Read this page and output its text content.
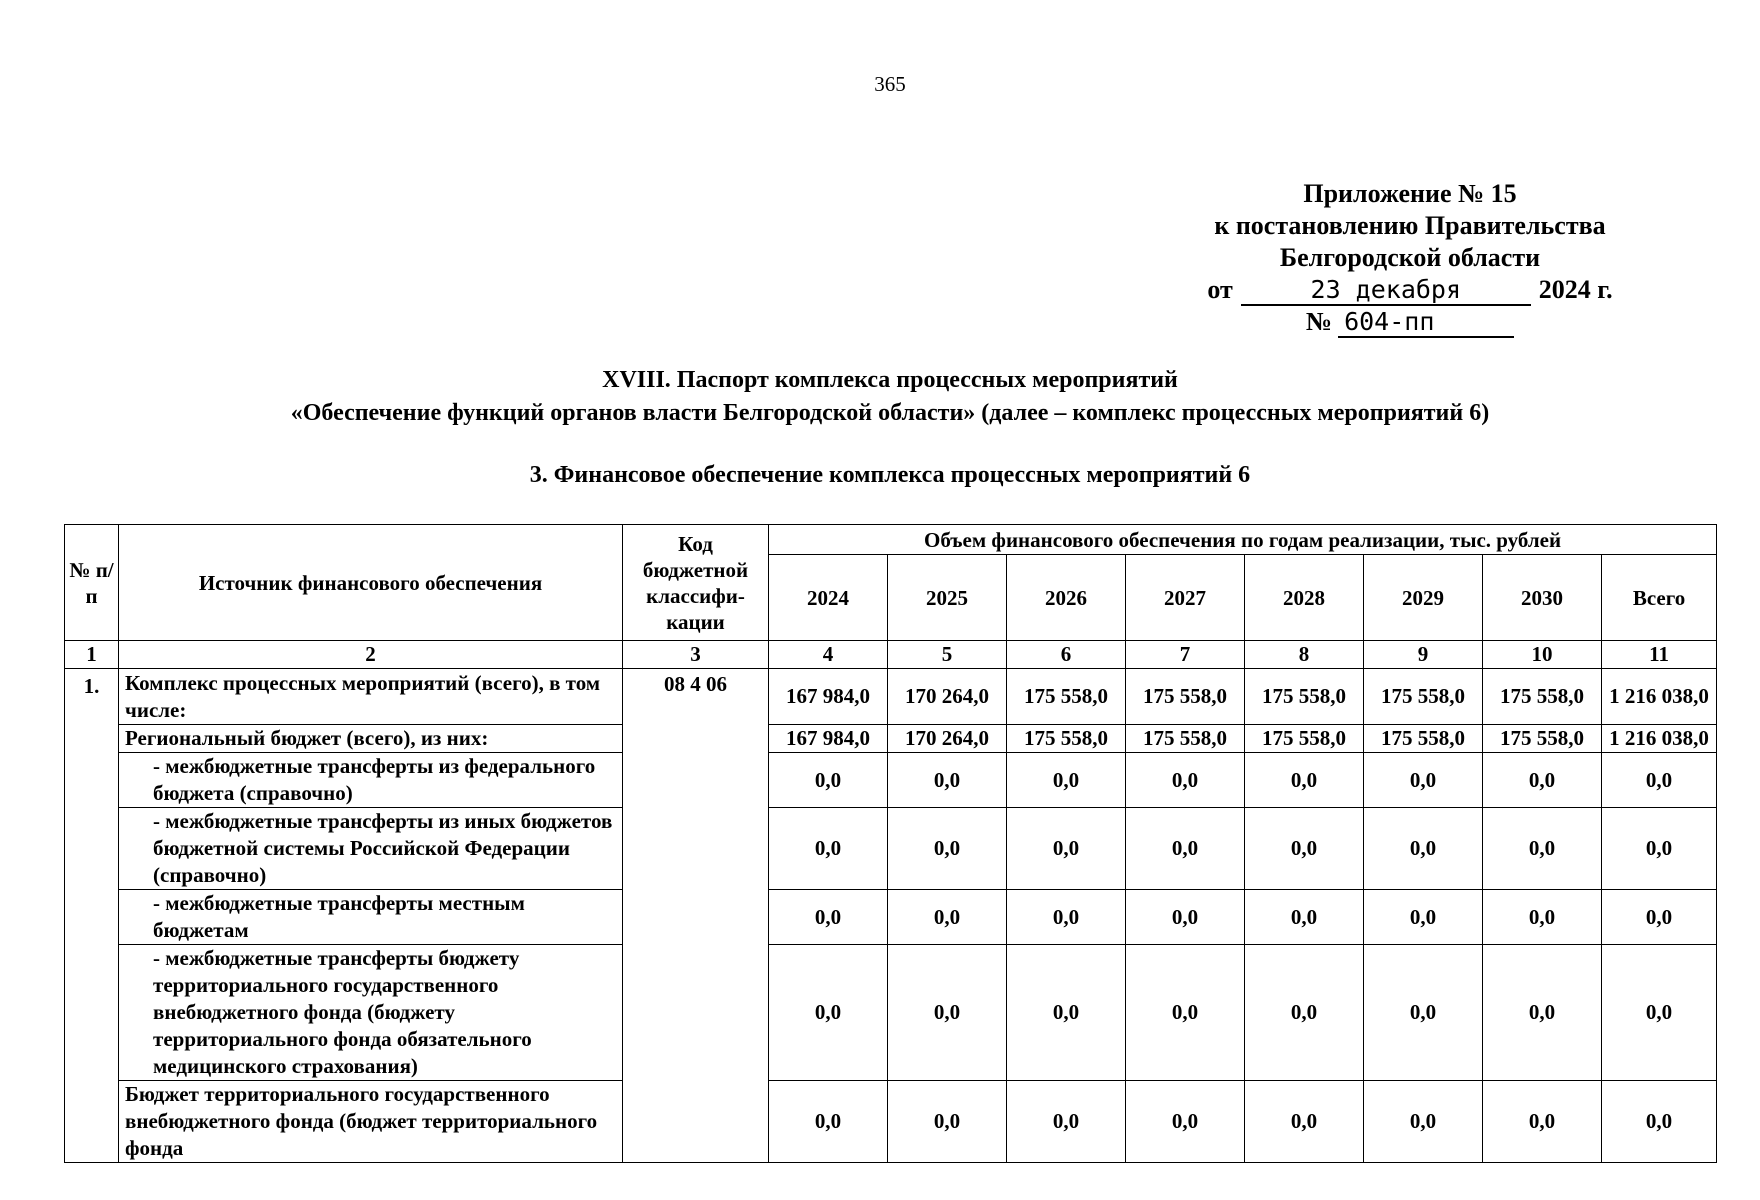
365
Приложение № 15
к постановлению Правительства
Белгородской области
от	23 декабря	2024 г.
№ 604-пп
XVIII. Паспорт комплекса процессных мероприятий
«Обеспечение функций органов власти Белгородской области» (далее – комплекс процессных мероприятий 6)
3. Финансовое обеспечение комплекса процессных мероприятий 6
№ п/п	Источник финансового обеспечения	Код бюджетной классифи-кации	Объем финансового обеспечения по годам реализации, тыс. рублей							
			2024	2025	2026	2027	2028	2029	2030	Всего
1	2	3	4	5	6	7	8	9	10	11
1.	Комплекс процессных мероприятий (всего), в том числе:	08 4 06	167 984,0	170 264,0	175 558,0	175 558,0	175 558,0	175 558,0	175 558,0	1 216 038,0
	Региональный бюджет (всего), из них:		167 984,0	170 264,0	175 558,0	175 558,0	175 558,0	175 558,0	175 558,0	1 216 038,0
	- межбюджетные трансферты из федерального бюджета (справочно)		0,0	0,0	0,0	0,0	0,0	0,0	0,0	0,0
	- межбюджетные трансферты из иных бюджетов бюджетной системы Российской Федерации (справочно)		0,0	0,0	0,0	0,0	0,0	0,0	0,0	0,0
	- межбюджетные трансферты местным бюджетам		0,0	0,0	0,0	0,0	0,0	0,0	0,0	0,0
	- межбюджетные трансферты бюджету территориального государственного внебюджетного фонда (бюджету территориального фонда обязательного медицинского страхования)		0,0	0,0	0,0	0,0	0,0	0,0	0,0	0,0
	Бюджет территориального государственного внебюджетного фонда (бюджет территориального фонда		0,0	0,0	0,0	0,0	0,0	0,0	0,0	0,0
